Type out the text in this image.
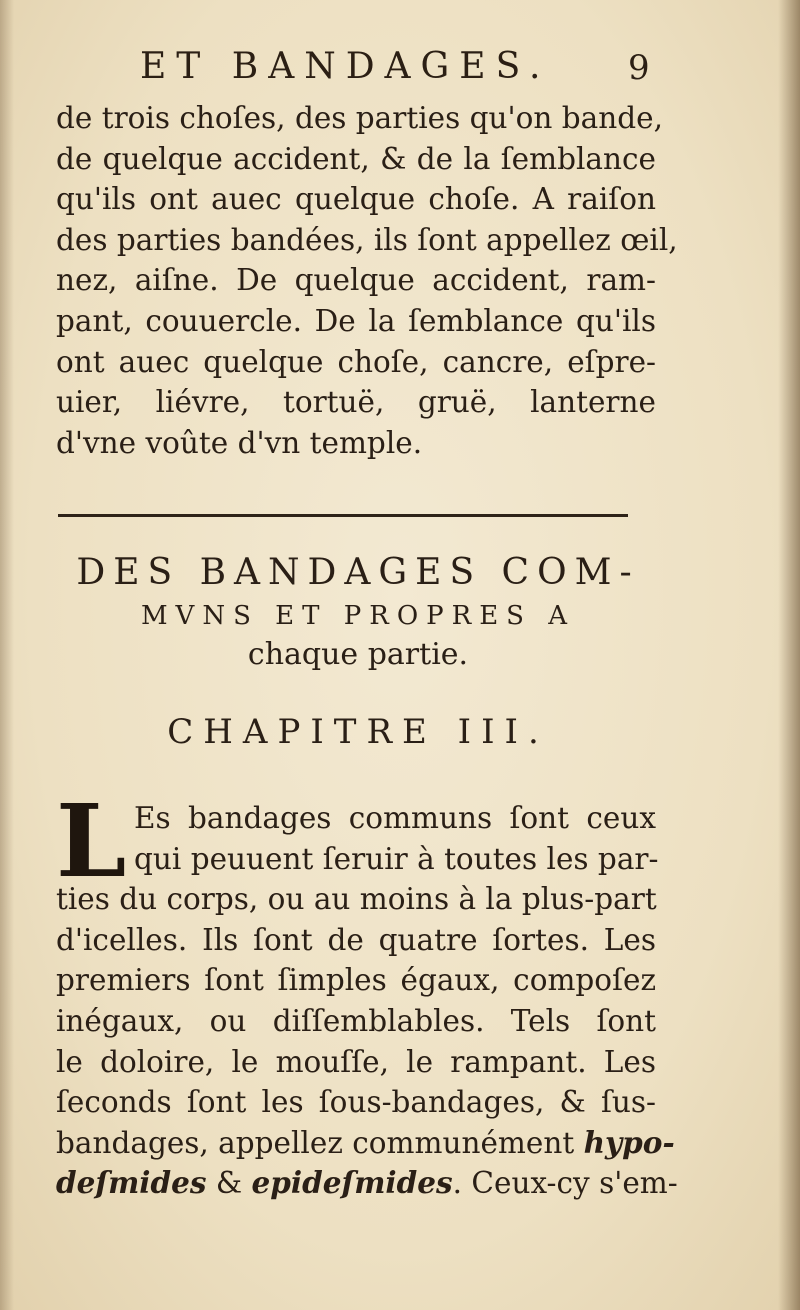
ET BANDAGES. 9
de trois choſes, des parties qu'on bande,
de quelque accident, & de la ſemblance
qu'ils ont auec quelque choſe. A raiſon
des parties bandées, ils ſont appellez œil,
nez, aiſne. De quelque accident, ram-
pant, couuercle. De la ſemblance qu'ils
ont auec quelque choſe, cancre, eſpre-
uier, liévre, tortuë, gruë, lanterne
d'vne voûte d'vn temple.
DES BANDAGES COM-
MVNS ET PROPRES A
chaque partie.
CHAPITRE III.
L Es bandages communs ſont ceux
qui peuuent ſeruir à toutes les par-
ties du corps, ou au moins à la plus-part
d'icelles. Ils ſont de quatre ſortes. Les
premiers ſont ſimples égaux, compoſez
inégaux, ou diſſemblables. Tels ſont
le doloire, le mouſſe, le rampant. Les
ſeconds ſont les ſous-bandages, & ſus-
bandages, appellez communément hypo-
deſmides & epideſmides. Ceux-cy s'em-
